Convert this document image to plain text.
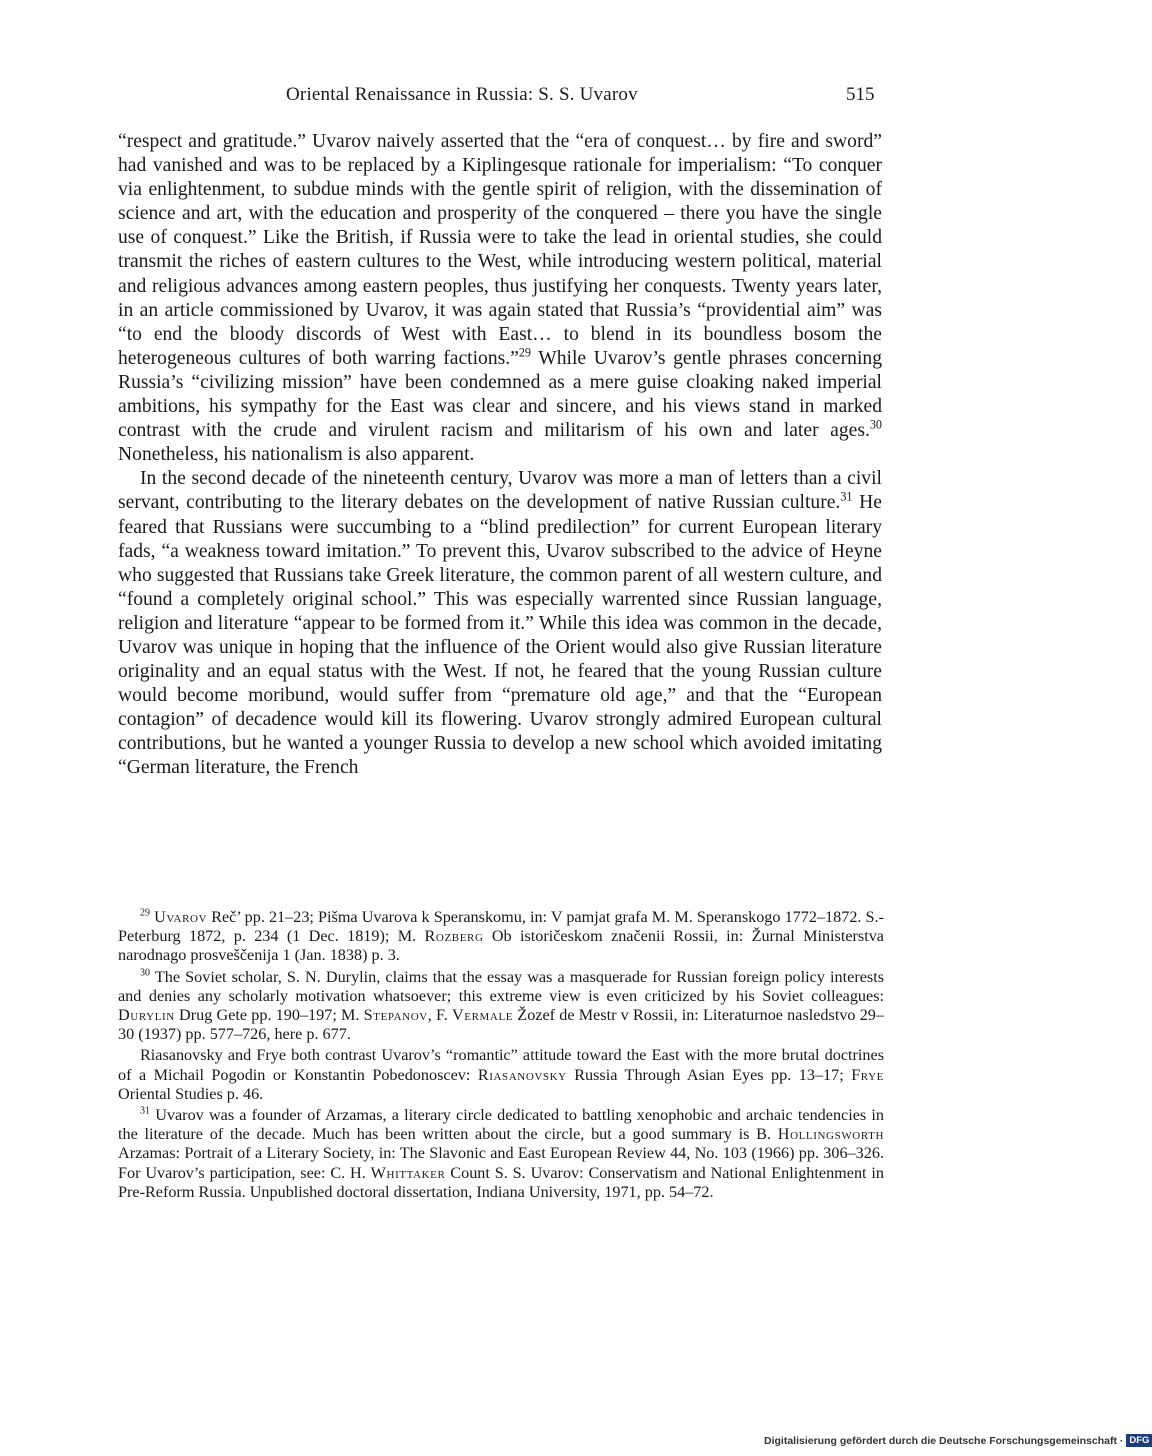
Oriental Renaissance in Russia: S. S. Uvarov	515

“respect and gratitude.” Uvarov naively asserted that the “era of conquest… by fire and sword” had vanished and was to be replaced by a Kiplingesque rationale for imperialism: “To conquer via enlightenment, to subdue minds with the gentle spirit of religion, with the dissemination of science and art, with the education and prosperity of the conquered – there you have the single use of conquest.” Like the British, if Russia were to take the lead in oriental studies, she could transmit the riches of eastern cultures to the West, while introducing western political, material and religious advances among eastern peoples, thus justifying her conquests. Twenty years later, in an article commissioned by Uvarov, it was again stated that Russia’s “providential aim” was “to end the bloody discords of West with East… to blend in its boundless bosom the heterogeneous cultures of both warring factions.”$^{29}$ While Uvarov’s gentle phrases concerning Russia’s “civilizing mission” have been condemned as a mere guise cloaking naked imperial ambitions, his sympathy for the East was clear and sincere, and his views stand in marked contrast with the crude and virulent racism and militarism of his own and later ages.$^{30}$ Nonetheless, his nationalism is also apparent.

In the second decade of the nineteenth century, Uvarov was more a man of letters than a civil servant, contributing to the literary debates on the development of native Russian culture.$^{31}$ He feared that Russians were succumbing to a “blind predilection” for current European literary fads, “a weakness toward imitation.” To prevent this, Uvarov subscribed to the advice of Heyne who suggested that Russians take Greek literature, the common parent of all western culture, and “found a completely original school.” This was especially warrented since Russian language, religion and literature “appear to be formed from it.” While this idea was common in the decade, Uvarov was unique in hoping that the influence of the Orient would also give Russian literature originality and an equal status with the West. If not, he feared that the young Russian culture would become moribund, would suffer from “premature old age,” and that the “European contagion” of decadence would kill its flowering. Uvarov strongly admired European cultural contributions, but he wanted a younger Russia to develop a new school which avoided imitating “German literature, the French

$^{29}$ Uvarov Reč’ pp. 21–23; Pišma Uvarova k Speranskomu, in: V pamjat grafa M. M. Speranskogo 1772–1872. S.-Peterburg 1872, p. 234 (1 Dec. 1819); M. Rozberg Ob istoričeskom značenii Rossii, in: Žurnal Ministerstva narodnago prosveščenija 1 (Jan. 1838) p. 3.

$^{30}$ The Soviet scholar, S. N. Durylin, claims that the essay was a masquerade for Russian foreign policy interests and denies any scholarly motivation whatsoever; this extreme view is even criticized by his Soviet colleagues: Durylin Drug Gete pp. 190–197; M. Stepanov, F. Vermale Žozef de Mestr v Rossii, in: Literaturnoe nasledstvo 29–30 (1937) pp. 577–726, here p. 677.

Riasanovsky and Frye both contrast Uvarov’s “romantic” attitude toward the East with the more brutal doctrines of a Michail Pogodin or Konstantin Pobedonoscev: Riasanovsky Russia Through Asian Eyes pp. 13–17; Frye Oriental Studies p. 46.

$^{31}$ Uvarov was a founder of Arzamas, a literary circle dedicated to battling xenophobic and archaic tendencies in the literature of the decade. Much has been written about the circle, but a good summary is B. Hollingsworth Arzamas: Portrait of a Literary Society, in: The Slavonic and East European Review 44, No. 103 (1966) pp. 306–326. For Uvarov’s participation, see: C. H. Whittaker Count S. S. Uvarov: Conservatism and National Enlightenment in Pre-Reform Russia. Unpublished doctoral dissertation, Indiana University, 1971, pp. 54–72.

Digitalisierung gefördert durch die Deutsche Forschungsgemeinschaft · DFG
